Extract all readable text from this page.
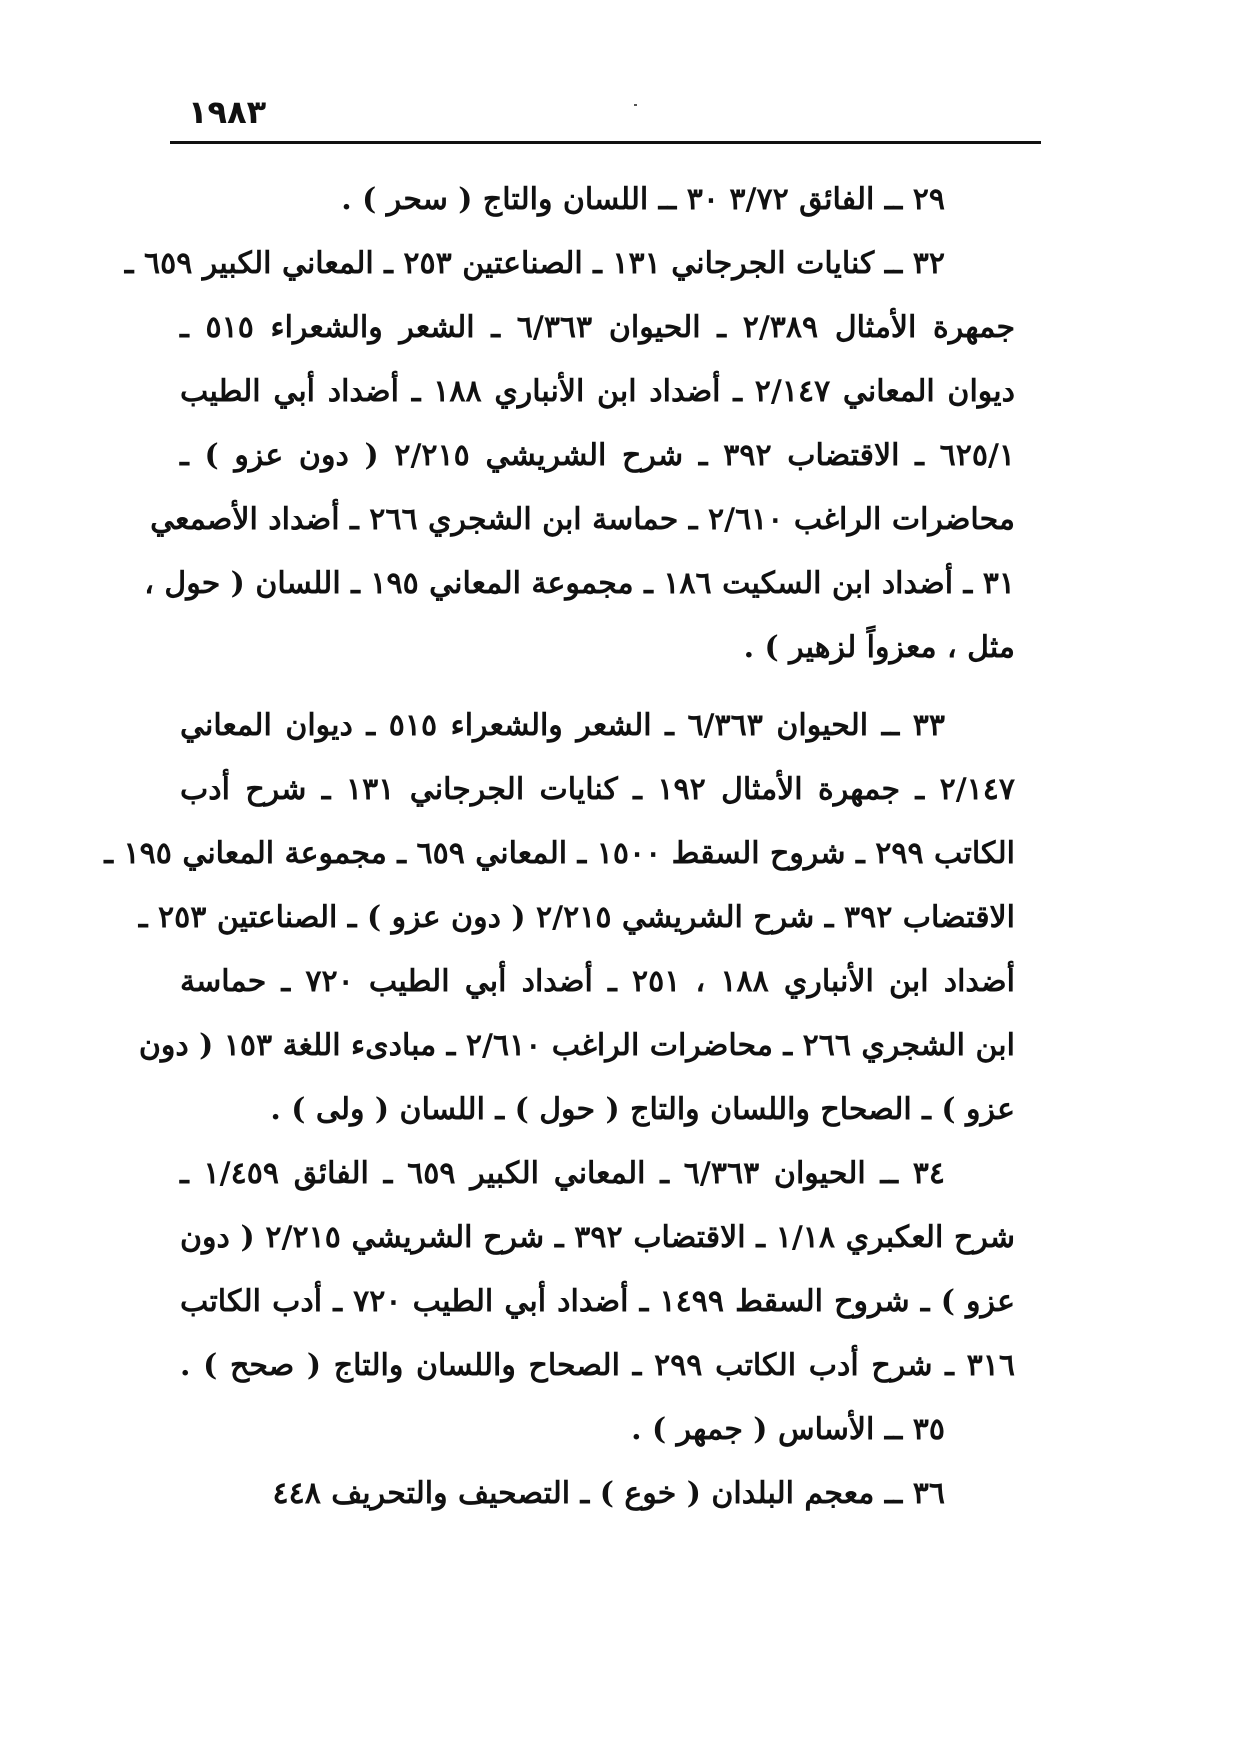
١٩٨٣
٢٩ ــ الفائق ٣/٧٢ ٣٠ ــ اللسان والتاج ( سحر ) .
٣٢ ــ كنايات الجرجاني ١٣١ ـ الصناعتين ٢٥٣ ـ المعاني الكبير ٦٥٩ ـ
جمهرة الأمثال ٢/٣٨٩ ـ الحيوان ٦/٣٦٣ ـ الشعر والشعراء ٥١٥ ـ
ديوان المعاني ٢/١٤٧ ـ أضداد ابن الأنباري ١٨٨ ـ أضداد أبي الطيب
٦٢٥/١ ـ الاقتضاب ٣٩٢ ـ شرح الشريشي ٢/٢١٥ ( دون عزو ) ـ
محاضرات الراغب ٢/٦١٠ ـ حماسة ابن الشجري ٢٦٦ ـ أضداد الأصمعي
٣١ ـ أضداد ابن السكيت ١٨٦ ـ مجموعة المعاني ١٩٥ ـ اللسان ( حول ،
مثل ، معزواً لزهير ) .
٣٣ ــ الحيوان ٦/٣٦٣ ـ الشعر والشعراء ٥١٥ ـ ديوان المعاني
٢/١٤٧ ـ جمهرة الأمثال ١٩٢ ـ كنايات الجرجاني ١٣١ ـ شرح أدب
الكاتب ٢٩٩ ـ شروح السقط ١٥٠٠ ـ المعاني ٦٥٩ ـ مجموعة المعاني ١٩٥ ـ
الاقتضاب ٣٩٢ ـ شرح الشريشي ٢/٢١٥ ( دون عزو ) ـ الصناعتين ٢٥٣ ـ
أضداد ابن الأنباري ١٨٨ ، ٢٥١ ـ أضداد أبي الطيب ٧٢٠ ـ حماسة
ابن الشجري ٢٦٦ ـ محاضرات الراغب ٢/٦١٠ ـ مبادىء اللغة ١٥٣ ( دون
عزو ) ـ الصحاح واللسان والتاج ( حول ) ـ اللسان ( ولى ) .
٣٤ ــ الحيوان ٦/٣٦٣ ـ المعاني الكبير ٦٥٩ ـ الفائق ١/٤٥٩ ـ
شرح العكبري ١/١٨ ـ الاقتضاب ٣٩٢ ـ شرح الشريشي ٢/٢١٥ ( دون
عزو ) ـ شروح السقط ١٤٩٩ ـ أضداد أبي الطيب ٧٢٠ ـ أدب الكاتب
٣١٦ ـ شرح أدب الكاتب ٢٩٩ ـ الصحاح واللسان والتاج ( صحح ) .
٣٥ ــ الأساس ( جمهر ) .
٣٦ ــ معجم البلدان ( خوع ) ـ التصحيف والتحريف ٤٤٨
